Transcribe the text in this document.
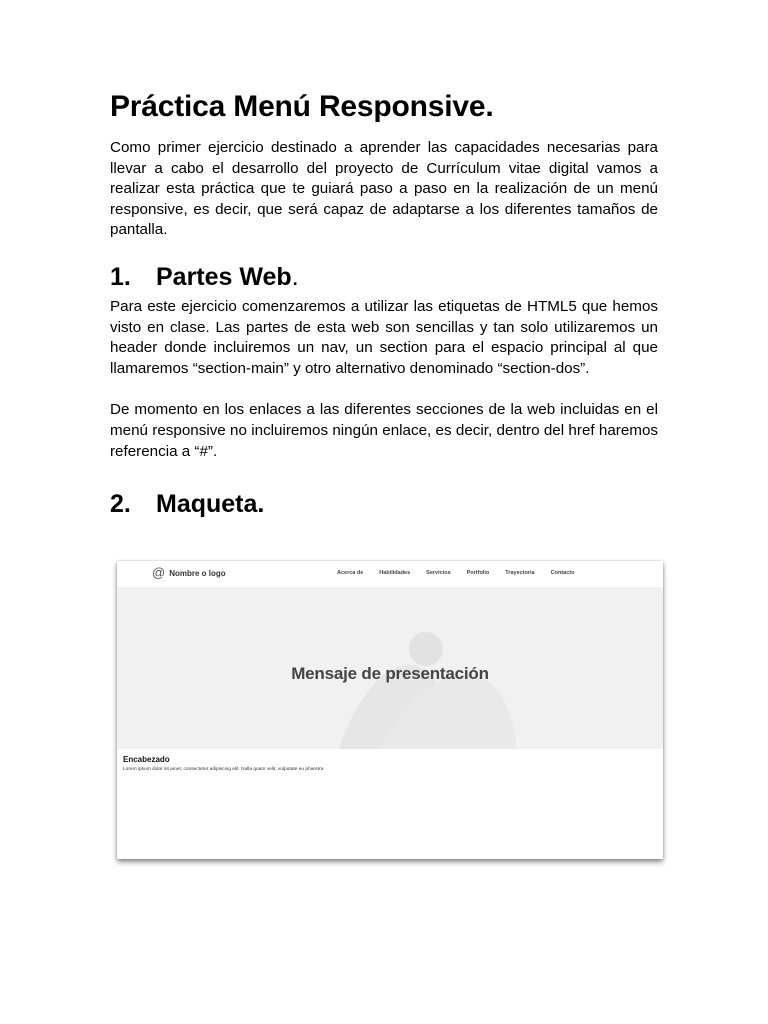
Práctica Menú Responsive.

Como primer ejercicio destinado a aprender las capacidades necesarias para llevar a cabo el desarrollo del proyecto de Currículum vitae digital vamos a realizar esta práctica que te guiará paso a paso en la realización de un menú responsive, es decir, que será capaz de adaptarse a los diferentes tamaños de pantalla.

1.	Partes Web.

Para este ejercicio comenzaremos a utilizar las etiquetas de HTML5 que hemos visto en clase. Las partes de esta web son sencillas y tan solo utilizaremos un header donde incluiremos un nav, un section para el espacio principal al que llamaremos “section-main” y otro alternativo denominado “section-dos”.

De momento en los enlaces a las diferentes secciones de la web incluidas en el menú responsive no incluiremos ningún enlace, es decir, dentro del href haremos referencia a “#”.

2.	Maqueta.
@ Nombre o logo	Acerca de	Habilidades	Servicios	Portfolio	Trayectoria	Contacto
Mensaje de presentación
Encabezado
Lorem ipsum dolor sit amet, consectetur adipiscing elit. Nulla quam velit, vulputate eu pharetra
